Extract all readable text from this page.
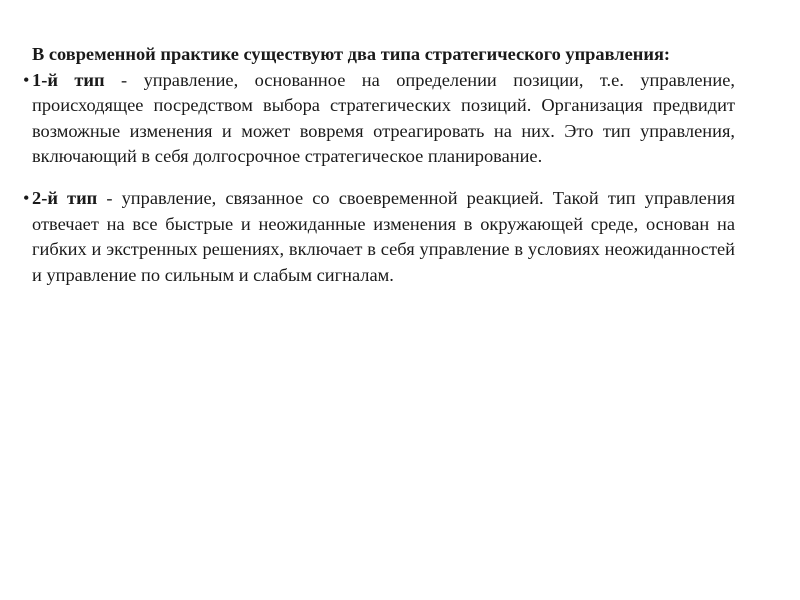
В современной практике существуют два типа стратегического управления:
• 1-й тип - управление, основанное на определении позиции, т.е. управление, происходящее посредством выбора стратегических позиций. Организация предвидит возможные изменения и может вовремя отреагировать на них. Это тип управления, включающий в себя долгосрочное стратегическое планирование.
• 2-й тип - управление, связанное со своевременной реакцией. Такой тип управления отвечает на все быстрые и неожиданные изменения в окружающей среде, основан на гибких и экстренных решениях, включает в себя управление в условиях неожиданностей и управление по сильным и слабым сигналам.
